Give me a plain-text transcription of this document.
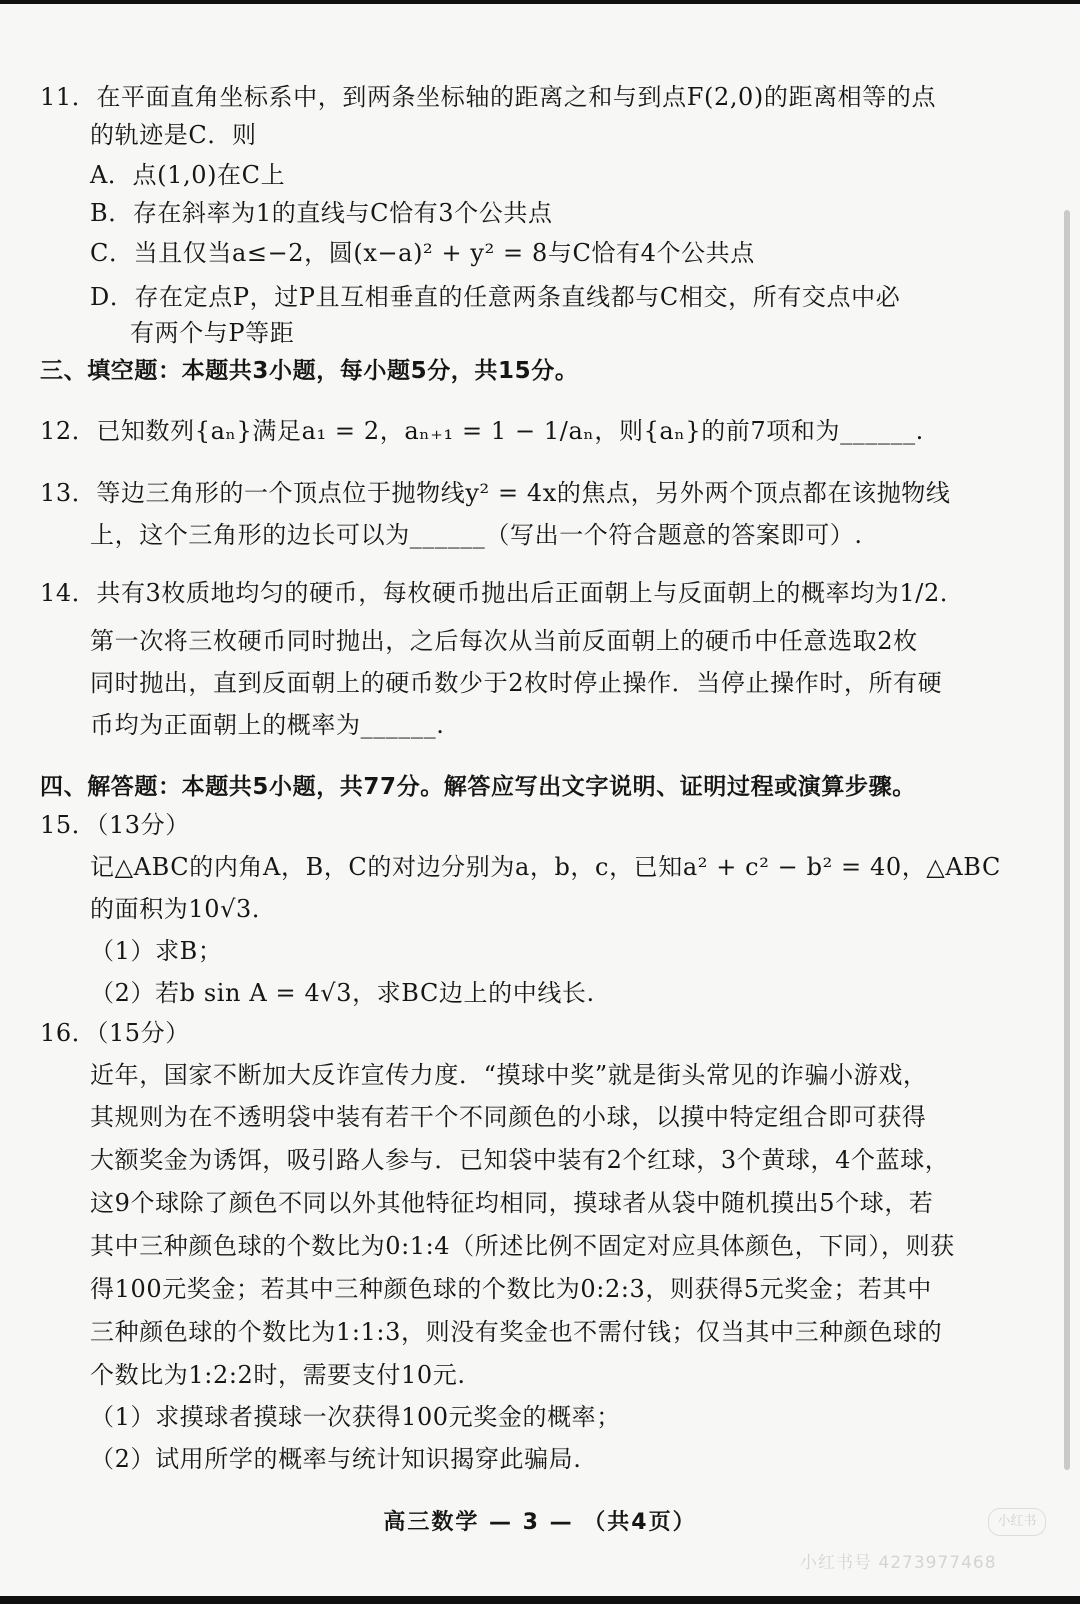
11．在平面直角坐标系中，到两条坐标轴的距离之和与到点F(2,0)的距离相等的点
的轨迹是C．则
A．点(1,0)在C上
B．存在斜率为1的直线与C恰有3个公共点
C．当且仅当a≤−2，圆(x−a)² + y² = 8与C恰有4个公共点
D．存在定点P，过P且互相垂直的任意两条直线都与C相交，所有交点中必
有两个与P等距
三、填空题：本题共3小题，每小题5分，共15分。
12．已知数列{aₙ}满足a₁ = 2，aₙ₊₁ = 1 − 1/aₙ，则{aₙ}的前7项和为______.
13．等边三角形的一个顶点位于抛物线y² = 4x的焦点，另外两个顶点都在该抛物线
上，这个三角形的边长可以为______（写出一个符合题意的答案即可）.
14．共有3枚质地均匀的硬币，每枚硬币抛出后正面朝上与反面朝上的概率均为1/2．
第一次将三枚硬币同时抛出，之后每次从当前反面朝上的硬币中任意选取2枚
同时抛出，直到反面朝上的硬币数少于2枚时停止操作．当停止操作时，所有硬
币均为正面朝上的概率为______.
四、解答题：本题共5小题，共77分。解答应写出文字说明、证明过程或演算步骤。
15．（13分）
记△ABC的内角A，B，C的对边分别为a，b，c，已知a² + c² − b² = 40，△ABC
的面积为10√3．
（1）求B；
（2）若b sin A = 4√3，求BC边上的中线长.
16．（15分）
近年，国家不断加大反诈宣传力度．“摸球中奖”就是街头常见的诈骗小游戏，
其规则为在不透明袋中装有若干个不同颜色的小球，以摸中特定组合即可获得
大额奖金为诱饵，吸引路人参与．已知袋中装有2个红球，3个黄球，4个蓝球，
这9个球除了颜色不同以外其他特征均相同，摸球者从袋中随机摸出5个球，若
其中三种颜色球的个数比为0:1:4（所述比例不固定对应具体颜色，下同），则获
得100元奖金；若其中三种颜色球的个数比为0:2:3，则获得5元奖金；若其中
三种颜色球的个数比为1:1:3，则没有奖金也不需付钱；仅当其中三种颜色球的
个数比为1:2:2时，需要支付10元.
（1）求摸球者摸球一次获得100元奖金的概率；
（2）试用所学的概率与统计知识揭穿此骗局.
高三数学 — 3 — （共4页）	小红书
小红书号 4273977468
